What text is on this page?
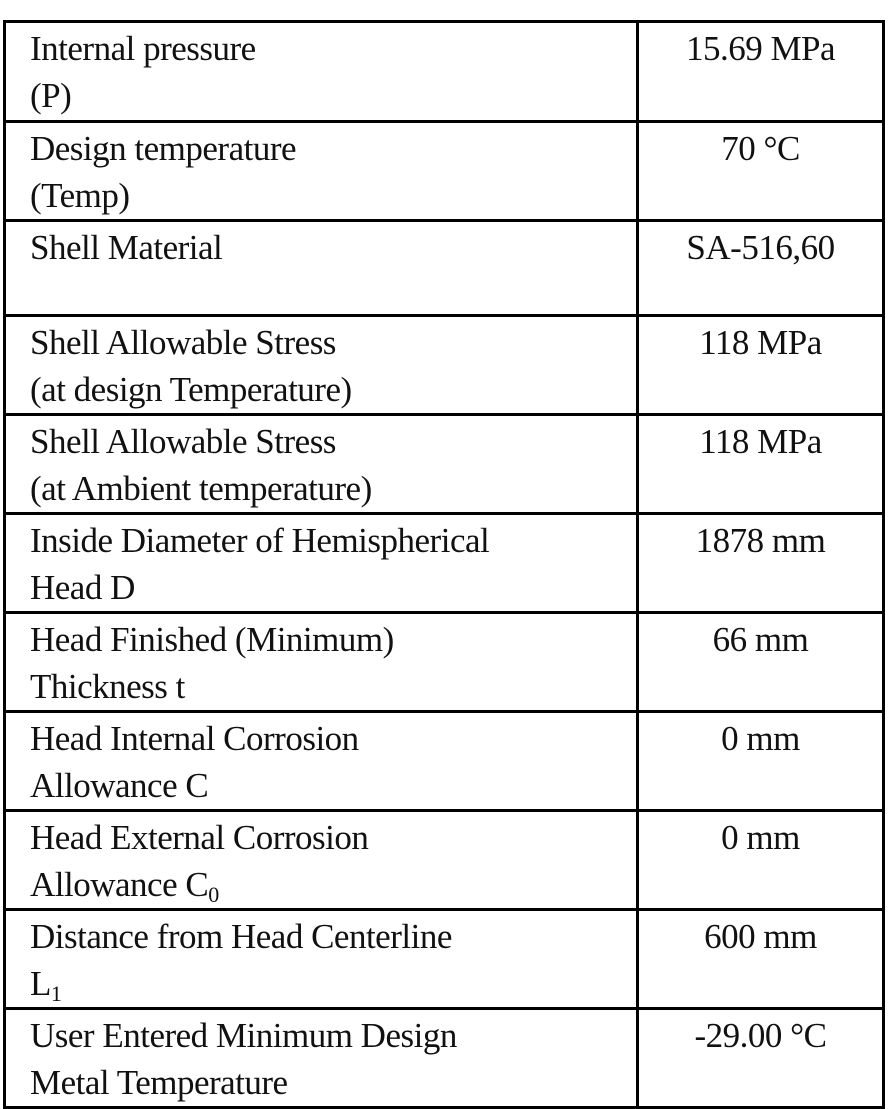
Internal pressure
(P)	15.69 MPa
Design temperature
(Temp)	70 °C
Shell Material	SA-516,60
Shell Allowable Stress
(at design Temperature)	118 MPa
Shell Allowable Stress
(at Ambient temperature)	118 MPa
Inside Diameter of Hemispherical
Head D	1878 mm
Head Finished (Minimum)
Thickness t	66 mm
Head Internal Corrosion
Allowance C	0 mm
Head External Corrosion
Allowance $C_0$	0 mm
Distance from Head Centerline
$L_1$	600 mm
User Entered Minimum Design
Metal Temperature	-29.00 °C
